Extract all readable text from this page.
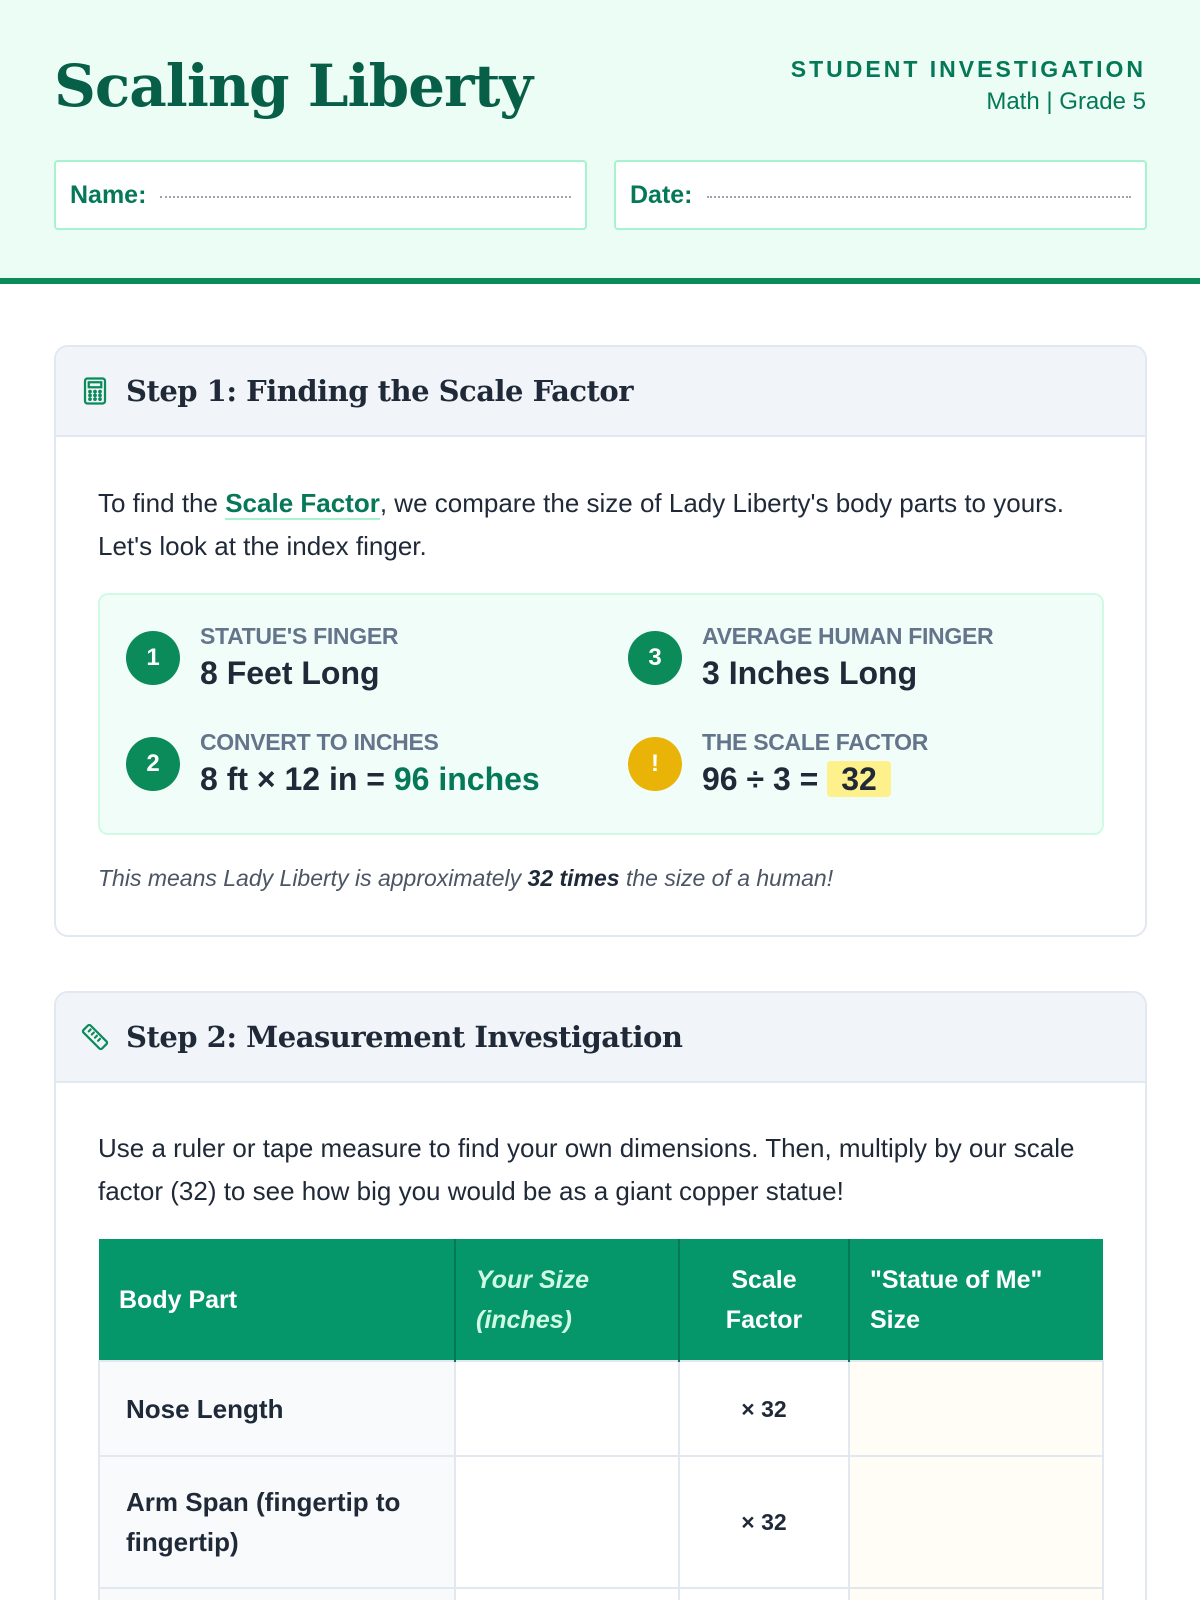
Scaling Liberty	STUDENT INVESTIGATION
Math | Grade 5
Name:	Date:
Step 1: Finding the Scale Factor

To find the Scale Factor, we compare the size of Lady Liberty's body parts to yours. Let's look at the index finger.

1
STATUE'S FINGER
8 Feet Long
2
CONVERT TO INCHES
8 ft × 12 in = 96 inches
3
AVERAGE HUMAN FINGER
3 Inches Long
!
THE SCALE FACTOR
96 ÷ 3 = 32

This means Lady Liberty is approximately 32 times the size of a human!

Step 2: Measurement Investigation

Use a ruler or tape measure to find your own dimensions. Then, multiply by our scale factor (32) to see how big you would be as a giant copper statue!

Body Part	Your Size (inches)	Scale Factor	"Statue of Me" Size
Nose Length		× 32	
Arm Span (fingertip to fingertip)		× 32	
